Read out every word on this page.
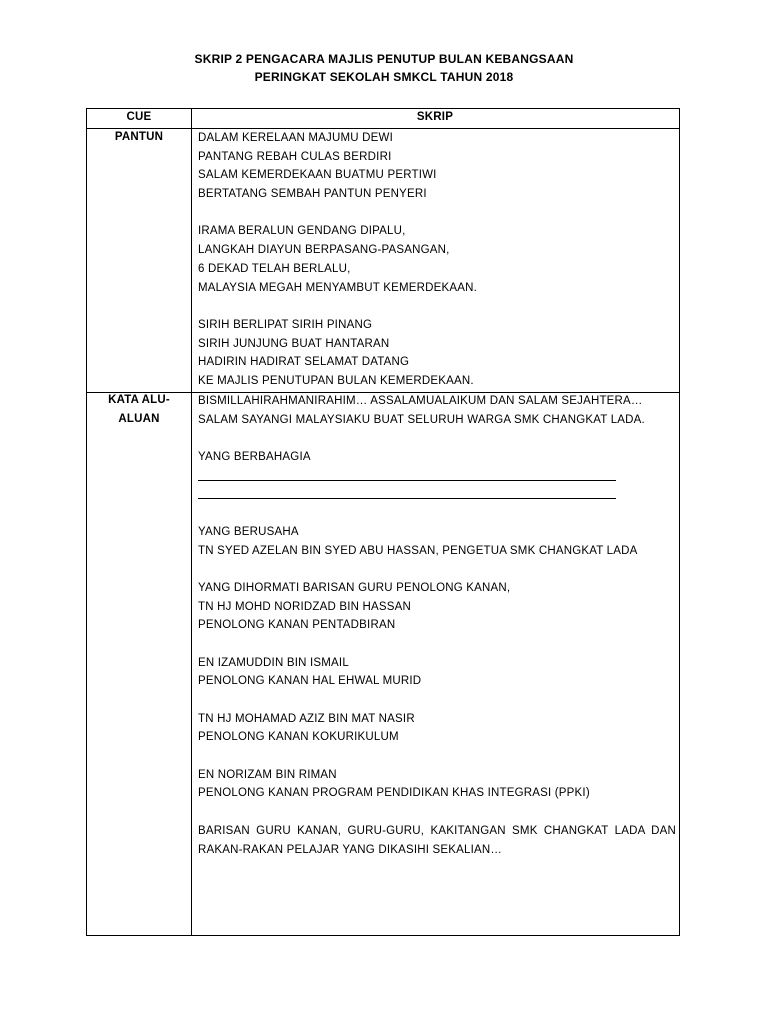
SKRIP 2 PENGACARA MAJLIS PENUTUP BULAN KEBANGSAAN
PERINGKAT SEKOLAH SMKCL TAHUN 2018
CUE	SKRIP
PANTUN	DALAM KERELAAN MAJUMU DEWI
PANTANG REBAH CULAS BERDIRI
SALAM KEMERDEKAAN BUATMU PERTIWI
BERTATANG SEMBAH PANTUN PENYERI
IRAMA BERALUN GENDANG DIPALU,
LANGKAH DIAYUN BERPASANG-PASANGAN,
6 DEKAD TELAH BERLALU,
MALAYSIA MEGAH MENYAMBUT KEMERDEKAAN.
SIRIH BERLIPAT SIRIH PINANG
SIRIH JUNJUNG BUAT HANTARAN
HADIRIN HADIRAT SELAMAT DATANG
KE MAJLIS PENUTUPAN BULAN KEMERDEKAAN.
KATA ALU-
ALUAN
BISMILLAHIRAHMANIRAHIM… ASSALAMUALAIKUM DAN SALAM SEJAHTERA…
SALAM SAYANGI MALAYSIAKU BUAT SELURUH WARGA SMK CHANGKAT LADA.
YANG BERBAHAGIA
YANG BERUSAHA
TN SYED AZELAN BIN SYED ABU HASSAN, PENGETUA SMK CHANGKAT LADA
YANG DIHORMATI BARISAN GURU PENOLONG KANAN,
TN HJ MOHD NORIDZAD BIN HASSAN
PENOLONG KANAN PENTADBIRAN
EN IZAMUDDIN BIN ISMAIL
PENOLONG KANAN HAL EHWAL MURID
TN HJ MOHAMAD AZIZ BIN MAT NASIR
PENOLONG KANAN KOKURIKULUM
EN NORIZAM BIN RIMAN
PENOLONG KANAN PROGRAM PENDIDIKAN KHAS INTEGRASI (PPKI)
BARISAN GURU KANAN, GURU-GURU, KAKITANGAN SMK CHANGKAT LADA DAN RAKAN-RAKAN PELAJAR YANG DIKASIHI SEKALIAN…
